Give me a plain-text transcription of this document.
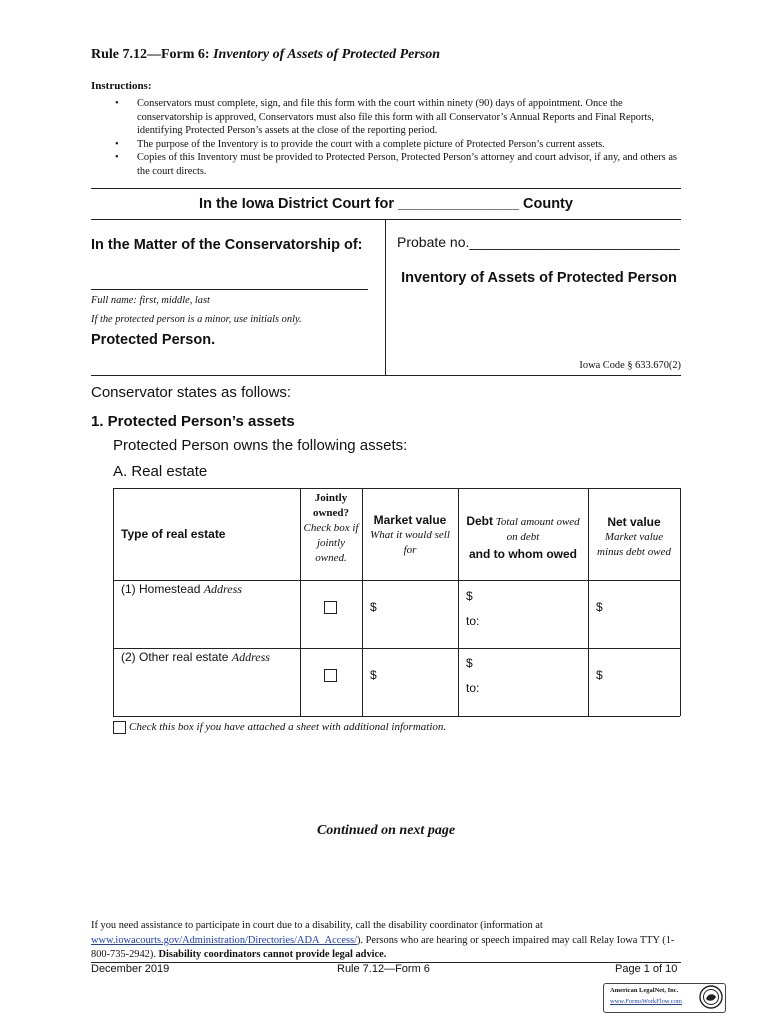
Rule 7.12—Form 6: Inventory of Assets of Protected Person
Instructions:
• Conservators must complete, sign, and file this form with the court within ninety (90) days of appointment. Once the conservatorship is approved, Conservators must also file this form with all Conservator’s Annual Reports and Final Reports, identifying Protected Person’s assets at the close of the reporting period.
• The purpose of the Inventory is to provide the court with a complete picture of Protected Person’s current assets.
• Copies of this Inventory must be provided to Protected Person, Protected Person’s attorney and court advisor, if any, and others as the court directs.
In the Iowa District Court for _______________ County
In the Matter of the Conservatorship of:
Full name: first, middle, last
If the protected person is a minor, use initials only.
Protected Person.
Probate no.___________________________
Inventory of Assets of Protected Person
Iowa Code § 633.670(2)
Conservator states as follows:
1. Protected Person’s assets
Protected Person owns the following assets:
A. Real estate
Type of real estate
Jointly owned?
Check box if jointly owned.
Market value
What it would sell for
Debt Total amount owed on debt
and to whom owed
Net value
Market value minus debt owed
(1) Homestead Address
$
$
to:
$
(2) Other real estate Address
$
$
to:
$
Check this box if you have attached a sheet with additional information.
Continued on next page
If you need assistance to participate in court due to a disability, call the disability coordinator (information at www.iowacourts.gov/Administration/Directories/ADA_Access/). Persons who are hearing or speech impaired may call Relay Iowa TTY (1-800-735-2942). Disability coordinators cannot provide legal advice.
December 2019	Rule 7.12—Form 6	Page 1 of 10
American LegalNet, Inc.
www.FormsWorkFlow.com
